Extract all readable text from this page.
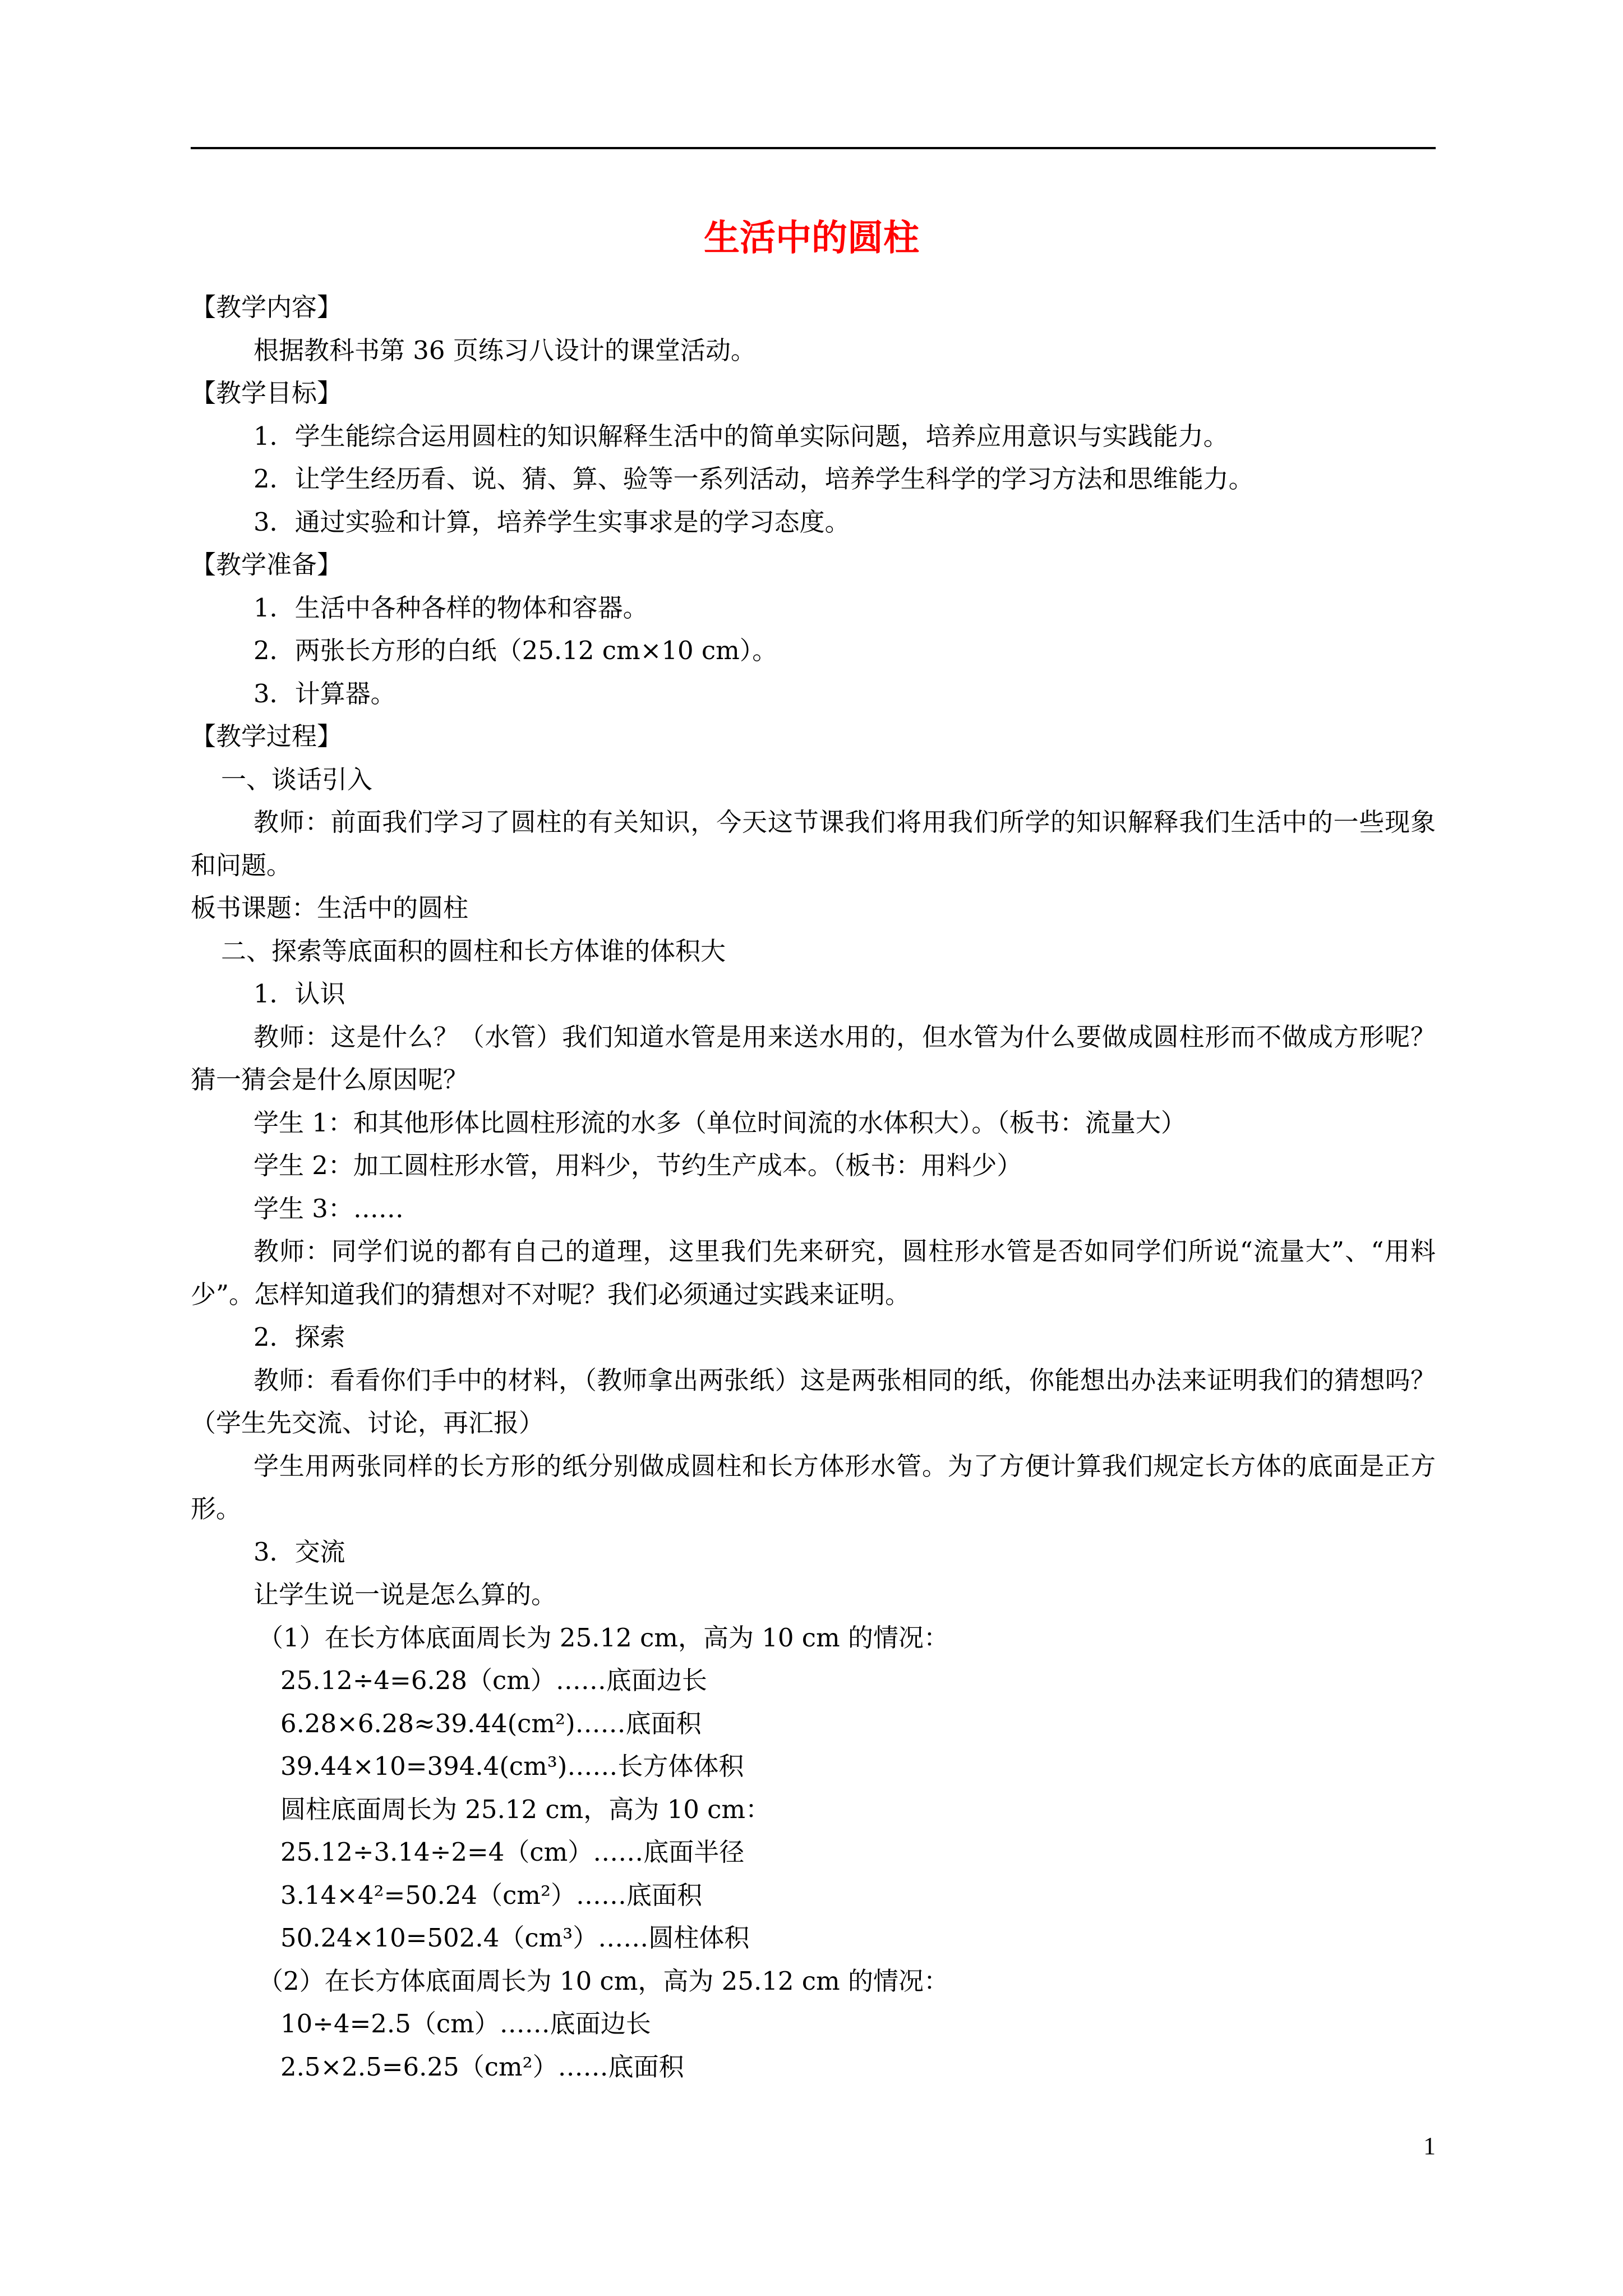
生活中的圆柱
【教学内容】
根据教科书第 36 页练习八设计的课堂活动。
【教学目标】
1．学生能综合运用圆柱的知识解释生活中的简单实际问题，培养应用意识与实践能力。
2．让学生经历看、说、猜、算、验等一系列活动，培养学生科学的学习方法和思维能力。
3．通过实验和计算，培养学生实事求是的学习态度。
【教学准备】
1．生活中各种各样的物体和容器。
2．两张长方形的白纸（25.12 cm×10 cm）。
3．计算器。
【教学过程】
一、谈话引入
教师：前面我们学习了圆柱的有关知识，今天这节课我们将用我们所学的知识解释我们生活中的一些现象和问题。
板书课题：生活中的圆柱
二、探索等底面积的圆柱和长方体谁的体积大
1．认识
教师：这是什么？（水管）我们知道水管是用来送水用的，但水管为什么要做成圆柱形而不做成方形呢？猜一猜会是什么原因呢？
学生 1：和其他形体比圆柱形流的水多（单位时间流的水体积大）。（板书：流量大）
学生 2：加工圆柱形水管，用料少，节约生产成本。（板书：用料少）
学生 3：……
教师：同学们说的都有自己的道理，这里我们先来研究，圆柱形水管是否如同学们所说“流量大”、“用料少”。怎样知道我们的猜想对不对呢？我们必须通过实践来证明。
2．探索
教师：看看你们手中的材料，（教师拿出两张纸）这是两张相同的纸，你能想出办法来证明我们的猜想吗？（学生先交流、讨论，再汇报）
学生用两张同样的长方形的纸分别做成圆柱和长方体形水管。为了方便计算我们规定长方体的底面是正方形。
3．交流
让学生说一说是怎么算的。
（1）在长方体底面周长为 25.12 cm，高为 10 cm 的情况：
25.12÷4=6.28（cm）……底面边长
6.28×6.28≈39.44(cm²)……底面积
39.44×10=394.4(cm³)……长方体体积
圆柱底面周长为 25.12 cm，高为 10 cm：
25.12÷3.14÷2=4（cm）……底面半径
3.14×4²=50.24（cm²）……底面积
50.24×10=502.4（cm³）……圆柱体积
（2）在长方体底面周长为 10 cm，高为 25.12 cm 的情况：
10÷4=2.5（cm）……底面边长
2.5×2.5=6.25（cm²）……底面积
1
